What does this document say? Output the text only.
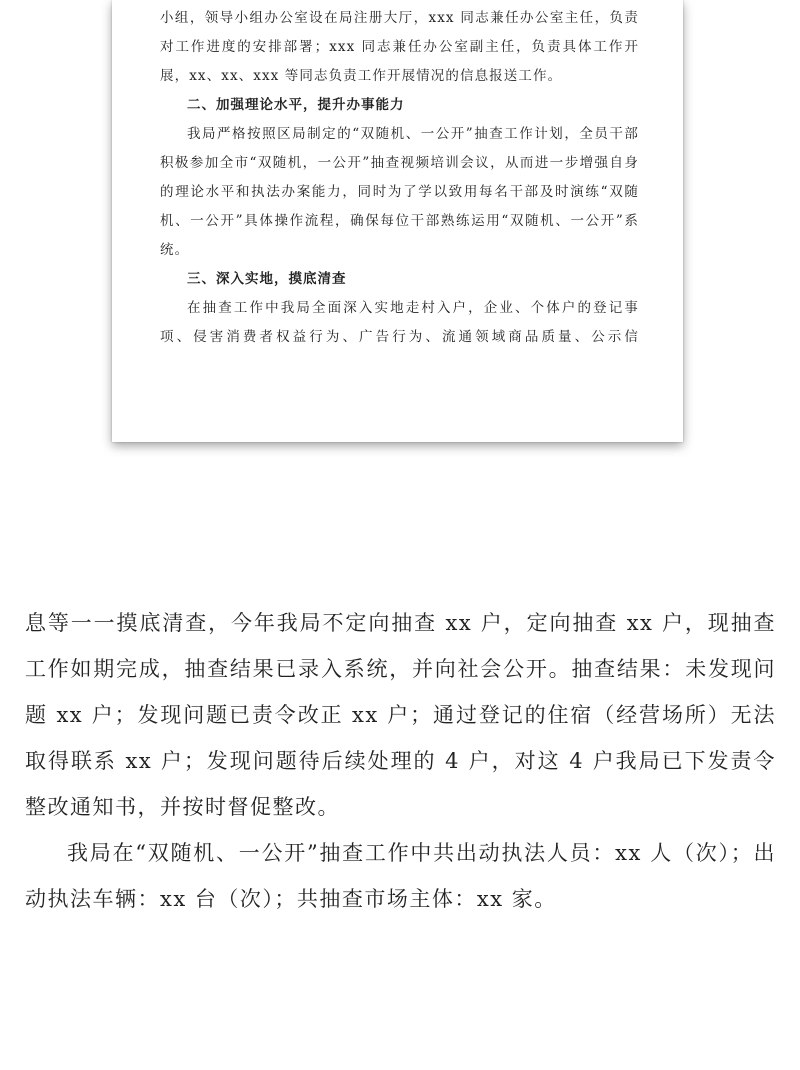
小组，领导小组办公室设在局注册大厅，xxx 同志兼任办公室主任，负责对工作进度的安排部署；xxx 同志兼任办公室副主任，负责具体工作开展，xx、xx、xxx 等同志负责工作开展情况的信息报送工作。

二、加强理论水平，提升办事能力

我局严格按照区局制定的“双随机、一公开”抽查工作计划，全员干部积极参加全市“双随机，一公开”抽查视频培训会议，从而进一步增强自身的理论水平和执法办案能力，同时为了学以致用每名干部及时演练“双随机、一公开”具体操作流程，确保每位干部熟练运用“双随机、一公开”系统。

三、深入实地，摸底清查

在抽查工作中我局全面深入实地走村入户，企业、个体户的登记事项、侵害消费者权益行为、广告行为、流通领域商品质量、公示信

息等一一摸底清查，今年我局不定向抽查 xx 户，定向抽查 xx 户，现抽查工作如期完成，抽查结果已录入系统，并向社会公开。抽查结果：未发现问题 xx 户；发现问题已责令改正 xx 户；通过登记的住宿（经营场所）无法取得联系 xx 户；发现问题待后续处理的 4 户，对这 4 户我局已下发责令整改通知书，并按时督促整改。

我局在“双随机、一公开”抽查工作中共出动执法人员：xx 人（次）；出动执法车辆：xx 台（次）；共抽查市场主体：xx 家。
